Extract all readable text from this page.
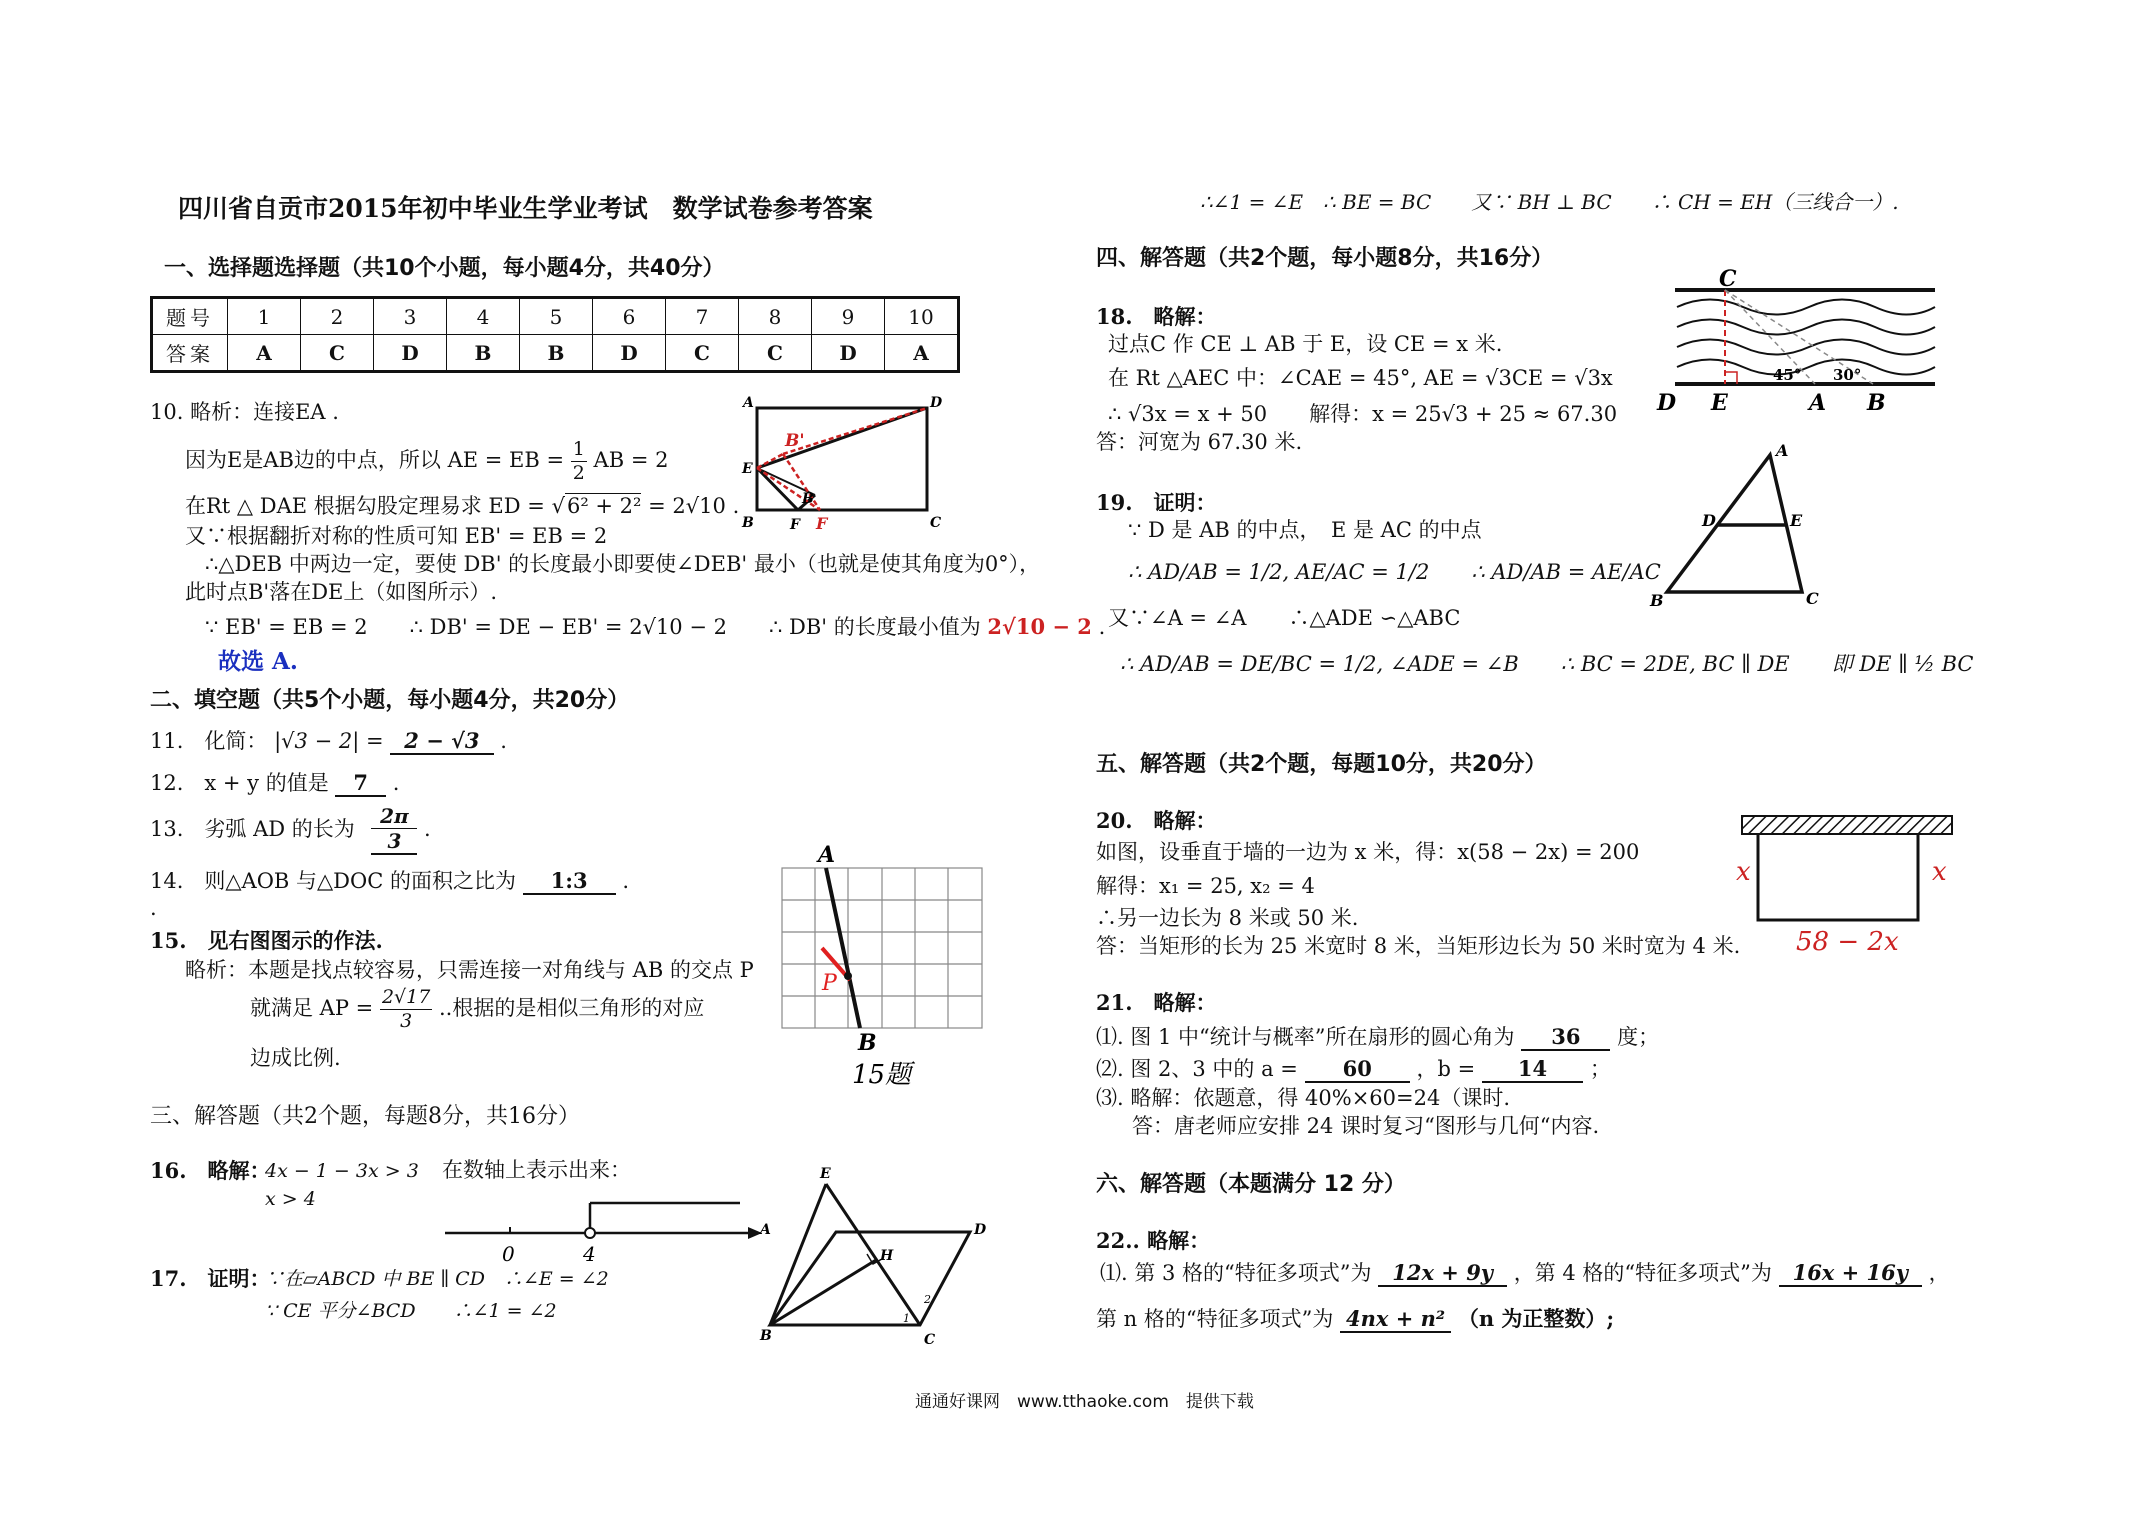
四川省自贡市2015年初中毕业生学业考试　数学试卷参考答案
一、选择题选择题（共10个小题，每小题4分，共40分）
题号	1	2	3	4	5	6	7	8	9	10
答案	A	C	D	B	B	D	C	C	D	A
10. 略析：连接EA .
因为E是AB边的中点，所以 AE = EB = $\frac{1}{2}$ AB = 2
在Rt △ DAE 根据勾股定理易求 ED = √6² + 2² = 2√10 .
又∵根据翻折对称的性质可知 EB' = EB = 2
∴△DEB 中两边一定，要使 DB' 的长度最小即要使∠DEB' 最小（也就是使其角度为0°），
此时点B'落在DE上（如图所示）.
∵ EB' = EB = 2　　∴ DB' = DE − EB' = 2√10 − 2　　∴ DB' 的长度最小值为 2√10 − 2 .
故选 A.
A	D
E
B	F F	C
B'
B
二、填空题（共5个小题，每小题4分，共20分）
11.　化简： |√3 − 2| = 2 − √3 .
12.　x + y 的值是 7 .
13.　劣弧 AD 的长为 $\frac{2\pi}{3}$ .
14.　则△AOB 与△DOC 的面积之比为 1:3 .
.
15.　见右图图示的作法.
略析：本题是找点较容易，只需连接一对角线与 AB 的交点 P
就满足 AP = $\frac{2√17}{3}$ ..根据的是相似三角形的对应
边成比例.
A
B
P
15题
三、解答题（共2个题，每题8分，共16分）
16.　略解：
4x − 1 − 3x > 3
x > 4
在数轴上表示出来：
0	4
17.　证明：
∵在▱ABCD 中 BE ∥ CD　∴∠E = ∠2
∵ CE 平分∠BCD　　∴∠1 = ∠2
E
A	D
H
B	C
1
2
∴∠1 = ∠E　∴ BE = BC　　又∵ BH ⊥ BC　　∴ CH = EH（三线合一）.
四、解答题（共2个题，每小题8分，共16分）
18.　略解：
过点C 作 CE ⊥ AB 于 E，设 CE = x 米.
在 Rt △AEC 中：∠CAE = 45°, AE = √3CE = √3x
∴ √3x = x + 50　　解得：x = 25√3 + 25 ≈ 67.30
答：河宽为 67.30 米.
C
D E	A B
45° 30°
19.　证明：
∵ D 是 AB 的中点，　E 是 AC 的中点
∴ AD/AB = 1/2, AE/AC = 1/2　　∴ AD/AB = AE/AC
又∵∠A = ∠A　　∴△ADE ∽△ABC
∴ AD/AB = DE/BC = 1/2, ∠ADE = ∠B　　∴ BC = 2DE, BC ∥ DE　　即 DE ∥ ½ BC
A
D	E
B	C
五、解答题（共2个题，每题10分，共20分）
20.　略解：
如图，设垂直于墙的一边为 x 米，得：x(58 − 2x) = 200
解得：x₁ = 25, x₂ = 4
∴另一边长为 8 米或 50 米.
答：当矩形的长为 25 米宽时 8 米，当矩形边长为 50 米时宽为 4 米.
x	x
58 − 2x
21.　略解：
⑴. 图 1 中“统计与概率”所在扇形的圆心角为 36 度；
⑵. 图 2、3 中的 a = 60 ，b = 14 ；
⑶. 略解：依题意，得 40%×60=24（课时.
答：唐老师应安排 24 课时复习“图形与几何“内容.
六、解答题（本题满分 12 分）
22.. 略解：
⑴. 第 3 格的“特征多项式”为 12x + 9y ，第 4 格的“特征多项式”为 16x + 16y ，
第 n 格的“特征多项式”为 4nx + n² （n 为正整数）;
通通好课网　www.tthaoke.com　提供下载
